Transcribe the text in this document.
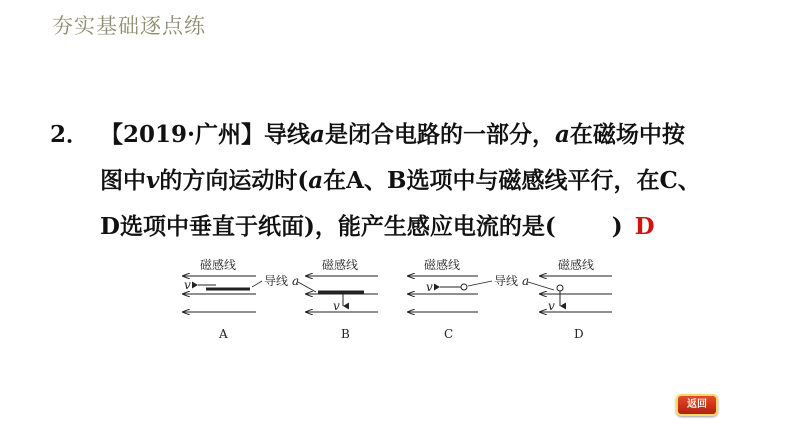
夯实基础逐点练
2． 【2019·广州】导线a是闭合电路的一部分，a在磁场中按
图中v的方向运动时(a在A、B选项中与磁感线平行，在C、
D选项中垂直于纸面)，能产生感应电流的是( ) D
磁感线
v
A
导线 a
磁感线
v
B
磁感线
v
C
导线 a
磁感线
v
D
返回
